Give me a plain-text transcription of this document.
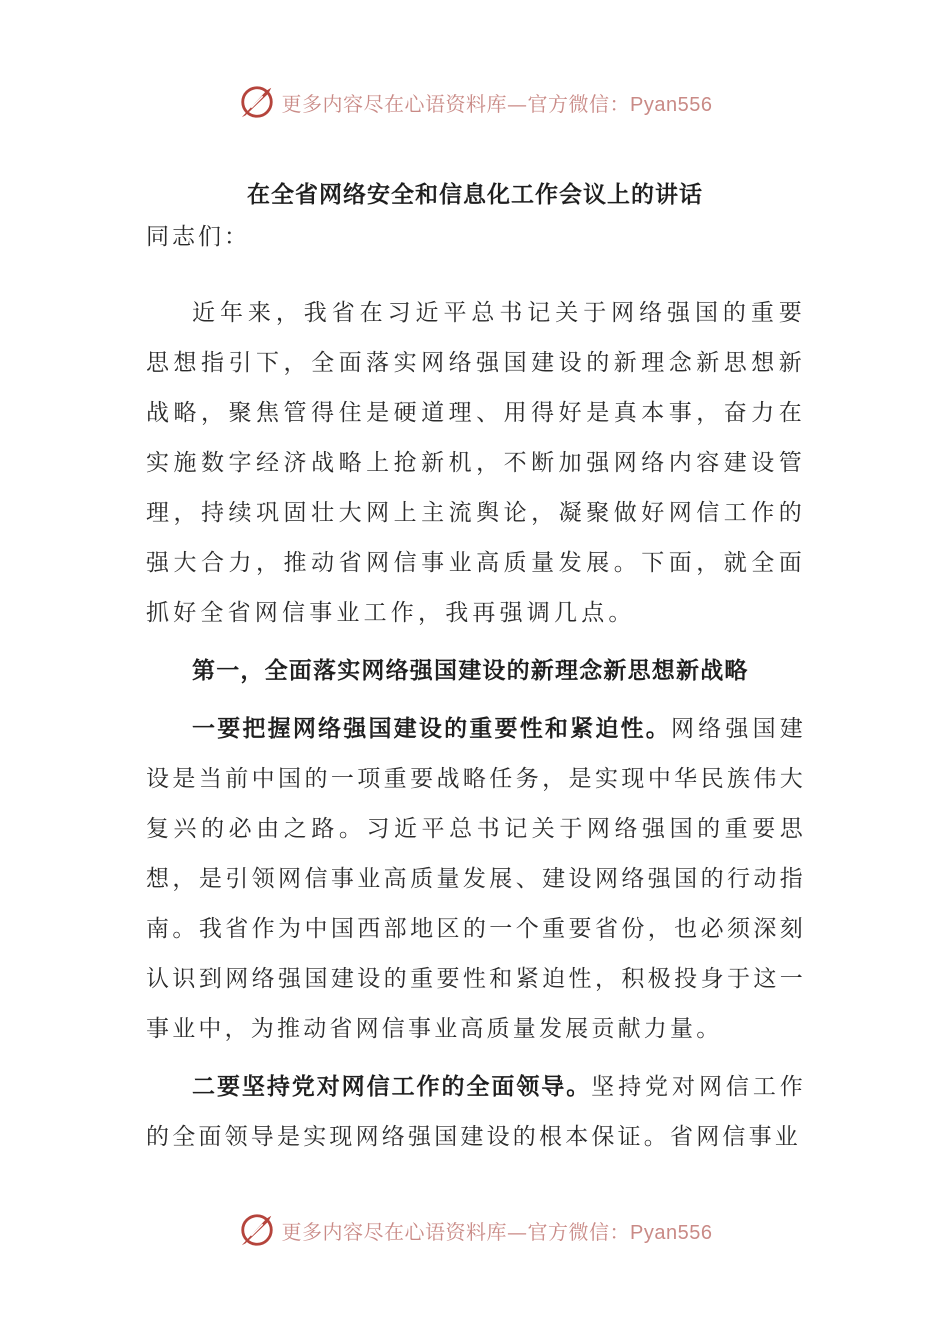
更多内容尽在心语资料库—官方微信：Pyan556
在全省网络安全和信息化工作会议上的讲话
同志们：

近年来，我省在习近平总书记关于网络强国的重要思想指引下，全面落实网络强国建设的新理念新思想新战略，聚焦管得住是硬道理、用得好是真本事，奋力在实施数字经济战略上抢新机，不断加强网络内容建设管理，持续巩固壮大网上主流舆论，凝聚做好网信工作的强大合力，推动省网信事业高质量发展。下面，就全面抓好全省网信事业工作，我再强调几点。

第一，全面落实网络强国建设的新理念新思想新战略

一要把握网络强国建设的重要性和紧迫性。网络强国建设是当前中国的一项重要战略任务，是实现中华民族伟大复兴的必由之路。习近平总书记关于网络强国的重要思想，是引领网信事业高质量发展、建设网络强国的行动指南。我省作为中国西部地区的一个重要省份，也必须深刻认识到网络强国建设的重要性和紧迫性，积极投身于这一事业中，为推动省网信事业高质量发展贡献力量。

二要坚持党对网信工作的全面领导。坚持党对网信工作的全面领导是实现网络强国建设的根本保证。省网信事业

更多内容尽在心语资料库—官方微信：Pyan556
